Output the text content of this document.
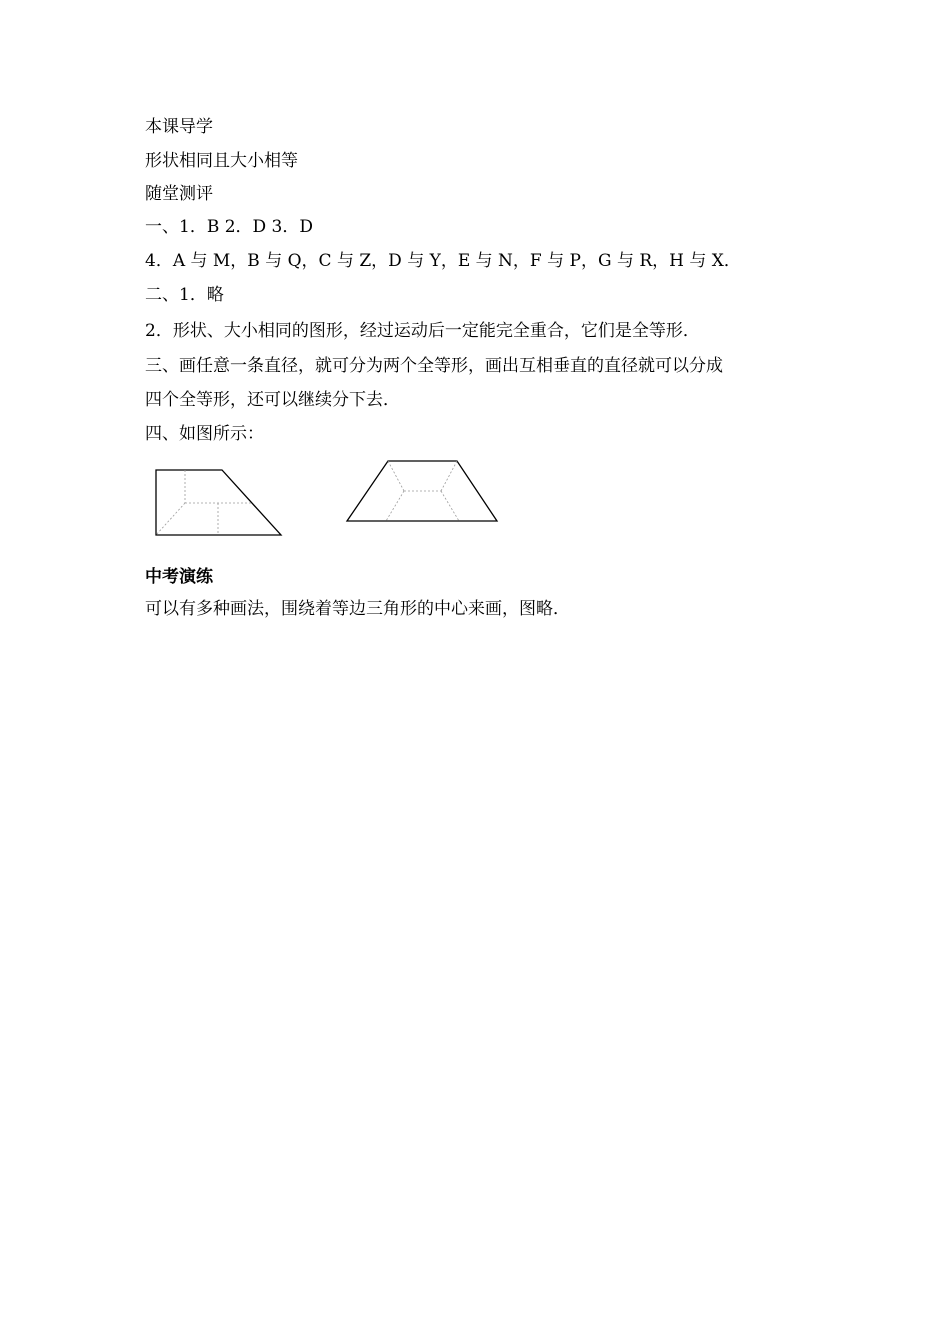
本课导学

形状相同且大小相等

随堂测评

一、1．B 2．D 3．D

4．A 与 M，B 与 Q，C 与 Z，D 与 Y，E 与 N，F 与 P，G 与 R，H 与 X．

二、1．略

2．形状、大小相同的图形，经过运动后一定能完全重合，它们是全等形．

三、画任意一条直径，就可分为两个全等形，画出互相垂直的直径就可以分成

四个全等形，还可以继续分下去．

四、如图所示：

中考演练

可以有多种画法，围绕着等边三角形的中心来画，图略．
